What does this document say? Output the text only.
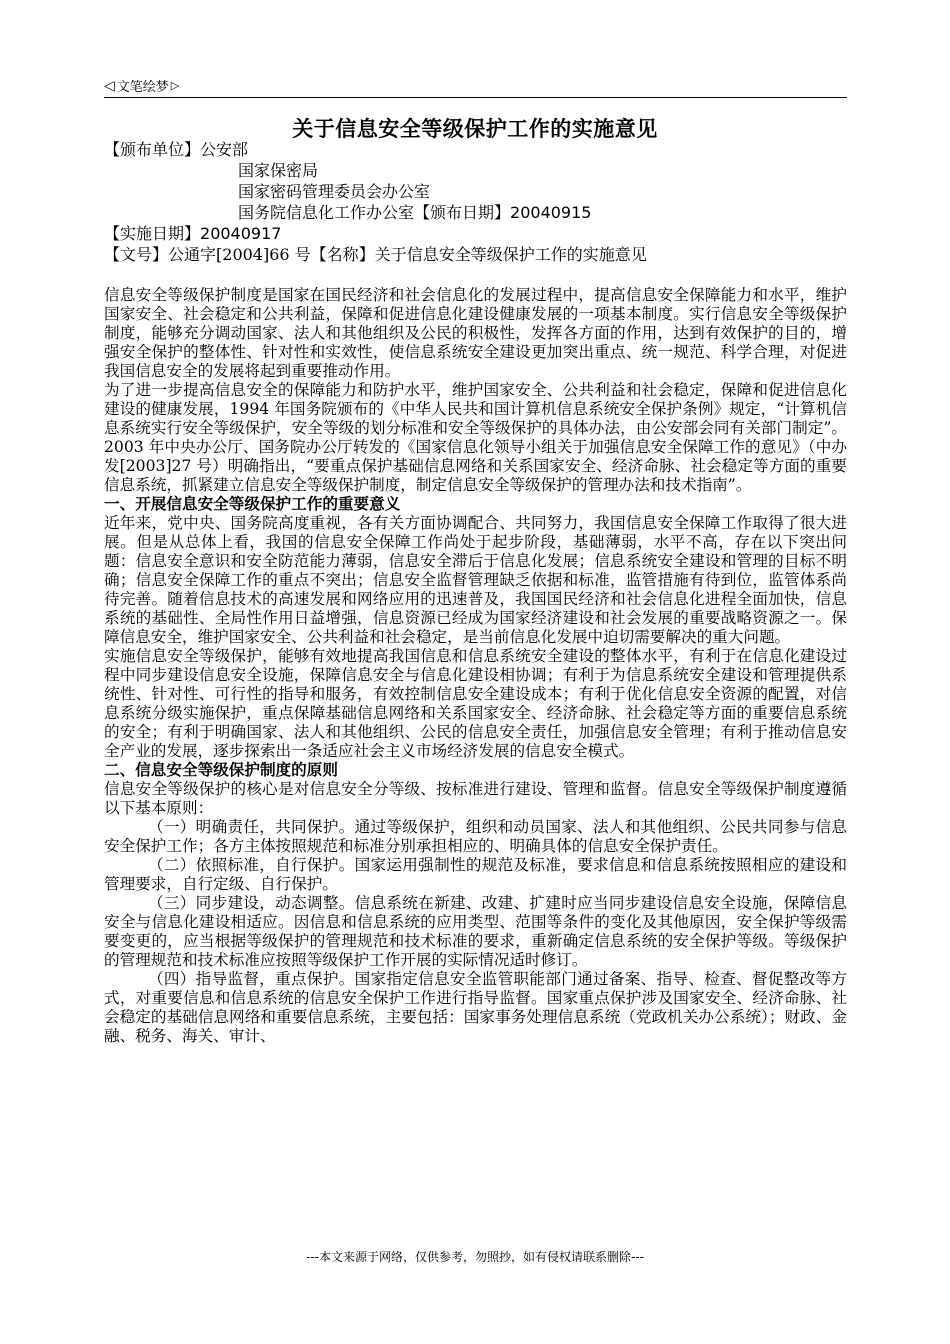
◁ 文笔绘梦 ▷
关于信息安全等级保护工作的实施意见
【颁布单位】公安部
国家保密局
国家密码管理委员会办公室
国务院信息化工作办公室【颁布日期】20040915
【实施日期】20040917
【文号】公通字[2004]66 号【名称】关于信息安全等级保护工作的实施意见

信息安全等级保护制度是国家在国民经济和社会信息化的发展过程中，提高信息安全保障能力和水平，维护国家安全、社会稳定和公共利益，保障和促进信息化建设健康发展的一项基本制度。实行信息安全等级保护制度，能够充分调动国家、法人和其他组织及公民的积极性，发挥各方面的作用，达到有效保护的目的，增强安全保护的整体性、针对性和实效性，使信息系统安全建设更加突出重点、统一规范、科学合理，对促进我国信息安全的发展将起到重要推动作用。

为了进一步提高信息安全的保障能力和防护水平，维护国家安全、公共利益和社会稳定，保障和促进信息化建设的健康发展，1994 年国务院颁布的《中华人民共和国计算机信息系统安全保护条例》规定，“计算机信息系统实行安全等级保护，安全等级的划分标准和安全等级保护的具体办法，由公安部会同有关部门制定”。2003 年中央办公厅、国务院办公厅转发的《国家信息化领导小组关于加强信息安全保障工作的意见》（中办发[2003]27 号）明确指出，“要重点保护基础信息网络和关系国家安全、经济命脉、社会稳定等方面的重要信息系统，抓紧建立信息安全等级保护制度，制定信息安全等级保护的管理办法和技术指南”。

一、开展信息安全等级保护工作的重要意义

近年来，党中央、国务院高度重视，各有关方面协调配合、共同努力，我国信息安全保障工作取得了很大进展。但是从总体上看，我国的信息安全保障工作尚处于起步阶段，基础薄弱，水平不高，存在以下突出问题：信息安全意识和安全防范能力薄弱，信息安全滞后于信息化发展；信息系统安全建设和管理的目标不明确；信息安全保障工作的重点不突出；信息安全监督管理缺乏依据和标准，监管措施有待到位，监管体系尚待完善。随着信息技术的高速发展和网络应用的迅速普及，我国国民经济和社会信息化进程全面加快，信息系统的基础性、全局性作用日益增强，信息资源已经成为国家经济建设和社会发展的重要战略资源之一。保障信息安全，维护国家安全、公共利益和社会稳定，是当前信息化发展中迫切需要解决的重大问题。

实施信息安全等级保护，能够有效地提高我国信息和信息系统安全建设的整体水平，有利于在信息化建设过程中同步建设信息安全设施，保障信息安全与信息化建设相协调；有利于为信息系统安全建设和管理提供系统性、针对性、可行性的指导和服务，有效控制信息安全建设成本；有利于优化信息安全资源的配置，对信息系统分级实施保护，重点保障基础信息网络和关系国家安全、经济命脉、社会稳定等方面的重要信息系统的安全；有利于明确国家、法人和其他组织、公民的信息安全责任，加强信息安全管理；有利于推动信息安全产业的发展，逐步探索出一条适应社会主义市场经济发展的信息安全模式。

二、信息安全等级保护制度的原则

信息安全等级保护的核心是对信息安全分等级、按标准进行建设、管理和监督。信息安全等级保护制度遵循以下基本原则：

（一）明确责任，共同保护。通过等级保护，组织和动员国家、法人和其他组织、公民共同参与信息安全保护工作；各方主体按照规范和标准分别承担相应的、明确具体的信息安全保护责任。

（二）依照标准，自行保护。国家运用强制性的规范及标准，要求信息和信息系统按照相应的建设和管理要求，自行定级、自行保护。

（三）同步建设，动态调整。信息系统在新建、改建、扩建时应当同步建设信息安全设施，保障信息安全与信息化建设相适应。因信息和信息系统的应用类型、范围等条件的变化及其他原因，安全保护等级需要变更的，应当根据等级保护的管理规范和技术标准的要求，重新确定信息系统的安全保护等级。等级保护的管理规范和技术标准应按照等级保护工作开展的实际情况适时修订。

（四）指导监督，重点保护。国家指定信息安全监管职能部门通过备案、指导、检查、督促整改等方式，对重要信息和信息系统的信息安全保护工作进行指导监督。国家重点保护涉及国家安全、经济命脉、社会稳定的基础信息网络和重要信息系统，主要包括：国家事务处理信息系统（党政机关办公系统）；财政、金融、税务、海关、审计、

---本文来源于网络，仅供参考，勿照抄，如有侵权请联系删除---
